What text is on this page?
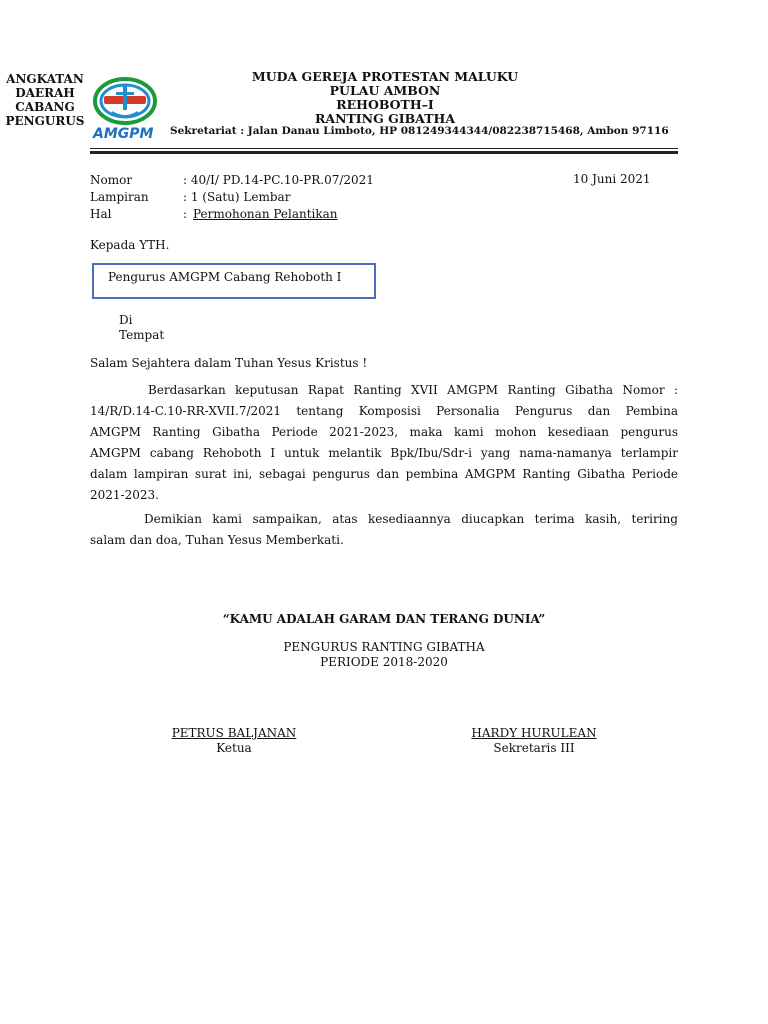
ANGKATAN
DAERAH
CABANG
PENGURUS
AMGPM
MUDA GEREJA PROTESTAN MALUKU
PULAU AMBON
REHOBOTH–I
RANTING GIBATHA
Sekretariat : Jalan Danau Limboto, HP 081249344344/082238715468, Ambon 97116
Nomor	: 40/I/ PD.14-PC.10-PR.07/2021
Lampiran	: 1 (Satu) Lembar
Hal	: Permohonan Pelantikan
10 Juni 2021
Kepada YTH.
Pengurus AMGPM Cabang Rehoboth I
Di
Tempat
Salam Sejahtera dalam Tuhan Yesus Kristus !
Berdasarkan keputusan Rapat Ranting XVII AMGPM Ranting Gibatha Nomor :
14/R/D.14-C.10-RR-XVII.7/2021 tentang Komposisi Personalia Pengurus dan Pembina
AMGPM Ranting Gibatha Periode 2021-2023, maka kami mohon kesediaan pengurus
AMGPM cabang Rehoboth I untuk melantik Bpk/Ibu/Sdr-i yang nama-namanya terlampir
dalam lampiran surat ini, sebagai pengurus dan pembina AMGPM Ranting Gibatha Periode
2021-2023.
Demikian kami sampaikan, atas kesediaannya diucapkan terima kasih, teriring
salam dan doa, Tuhan Yesus Memberkati.
“KAMU ADALAH GARAM DAN TERANG DUNIA”
PENGURUS RANTING GIBATHA
PERIODE 2018-2020
PETRUS BALJANAN
Ketua
HARDY HURULEAN
Sekretaris III
